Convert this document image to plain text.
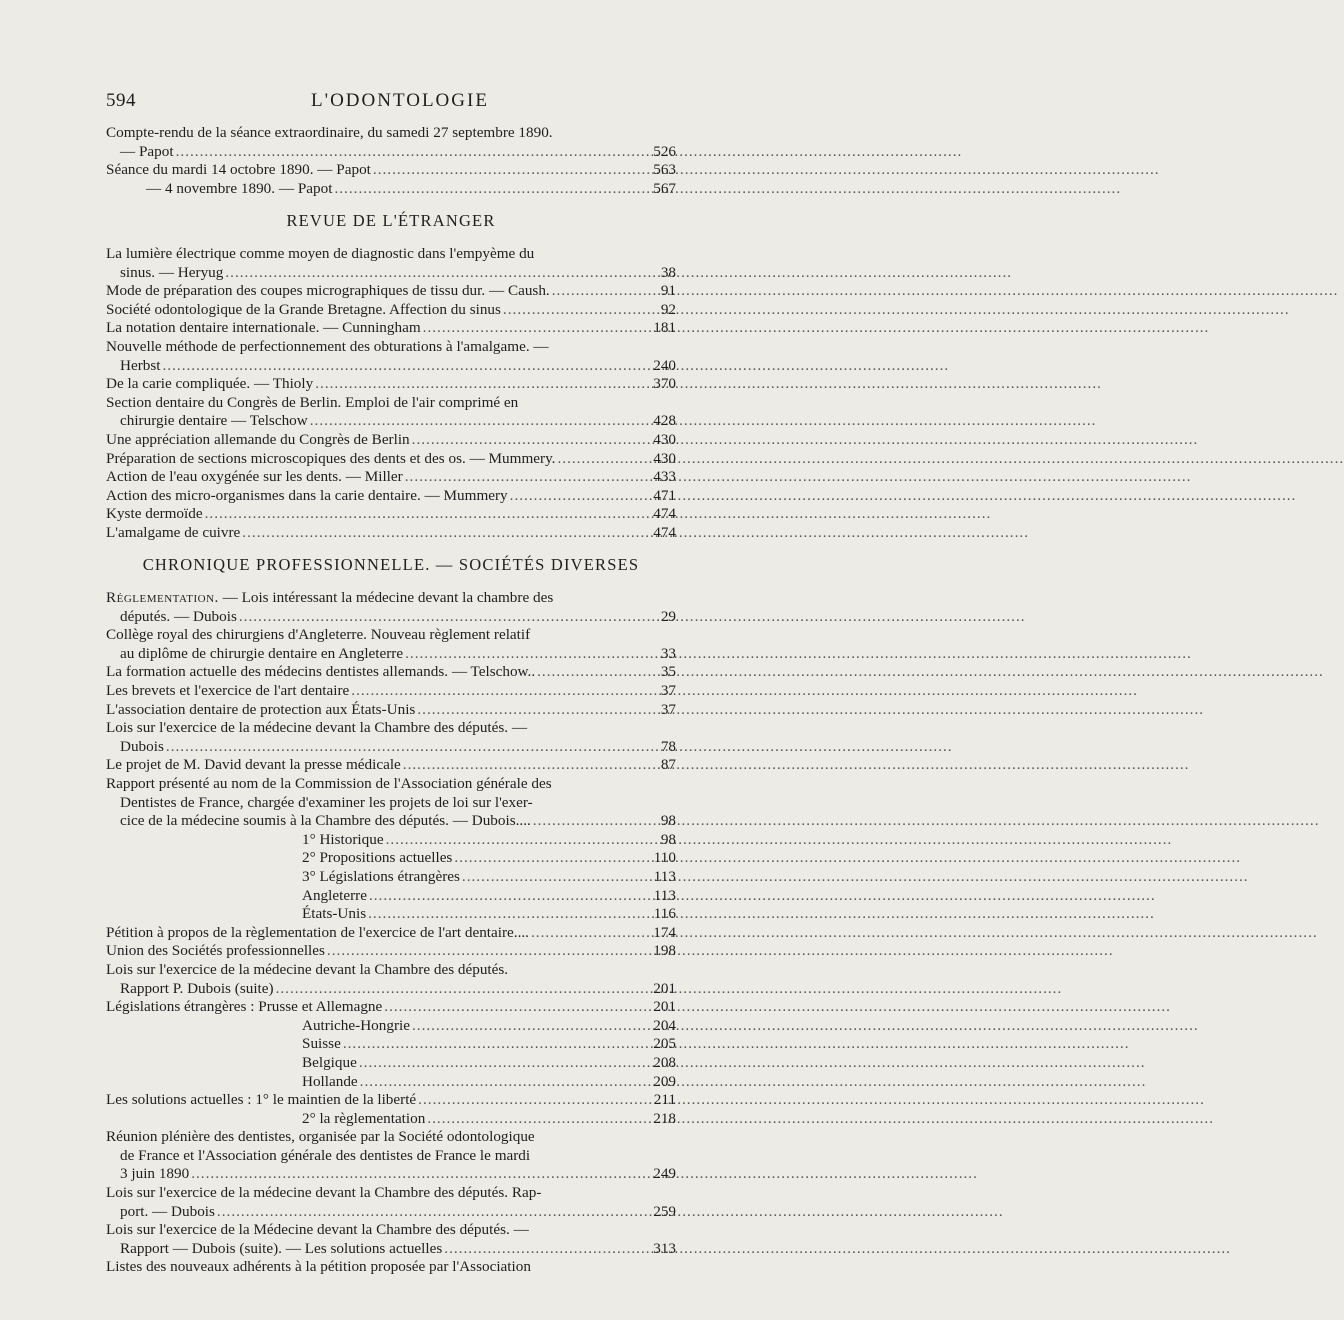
594	L'ODONTOLOGIE
Compte-rendu de la séance extraordinaire, du samedi 27 septembre 1890.
— Papot .....	526
Séance du mardi 14 octobre 1890. — Papot .....	563
— 4 novembre 1890. — Papot .....	567
REVUE DE L'ÉTRANGER
La lumière électrique comme moyen de diagnostic dans l'empyème du
sinus. — Heryug .....	38
Mode de préparation des coupes micrographiques de tissu dur. — Caush. .....	91
Société odontologique de la Grande Bretagne. Affection du sinus .....	92
La notation dentaire internationale. — Cunningham .....	181
Nouvelle méthode de perfectionnement des obturations à l'amalgame. —
Herbst .....	240
De la carie compliquée. — Thioly .....	370
Section dentaire du Congrès de Berlin. Emploi de l'air comprimé en
chirurgie dentaire — Telschow .....	428
Une appréciation allemande du Congrès de Berlin .....	430
Préparation de sections microscopiques des dents et des os. — Mummery. .....	430
Action de l'eau oxygénée sur les dents. — Miller .....	433
Action des micro-organismes dans la carie dentaire. — Mummery .....	471
Kyste dermoïde .....	474
L'amalgame de cuivre .....	474
CHRONIQUE PROFESSIONNELLE. — SOCIÉTÉS DIVERSES
Réglementation. — Lois intéressant la médecine devant la chambre des
députés. — Dubois .....	29
Collège royal des chirurgiens d'Angleterre. Nouveau règlement relatif
au diplôme de chirurgie dentaire en Angleterre .....	33
La formation actuelle des médecins dentistes allemands. — Telschow.. .....	35
Les brevets et l'exercice de l'art dentaire .....	37
L'association dentaire de protection aux États-Unis .....	37
Lois sur l'exercice de la médecine devant la Chambre des députés. —
Dubois .....	78
Le projet de M. David devant la presse médicale .....	87
Rapport présenté au nom de la Commission de l'Association générale des
Dentistes de France, chargée d'examiner les projets de loi sur l'exer-
cice de la médecine soumis à la Chambre des députés. — Dubois.... .....	98
1° Historique .....	98
2° Propositions actuelles .....	110
3° Législations étrangères .....	113
Angleterre .....	113
États-Unis .....	116
Pétition à propos de la règlementation de l'exercice de l'art dentaire.... .....	174
Union des Sociétés professionnelles .....	198
Lois sur l'exercice de la médecine devant la Chambre des députés.
Rapport P. Dubois (suite) .....	201
Législations étrangères : Prusse et Allemagne .....	201
Autriche-Hongrie .....	204
Suisse .....	205
Belgique .....	208
Hollande .....	209
Les solutions actuelles : 1° le maintien de la liberté .....	211
2° la règlementation .....	218
Réunion plénière des dentistes, organisée par la Société odontologique
de France et l'Association générale des dentistes de France le mardi
3 juin 1890 .....	249
Lois sur l'exercice de la médecine devant la Chambre des députés. Rap-
port. — Dubois .....	259
Lois sur l'exercice de la Médecine devant la Chambre des députés. —
Rapport — Dubois (suite). — Les solutions actuelles .....	313
Listes des nouveaux adhérents à la pétition proposée par l'Association
